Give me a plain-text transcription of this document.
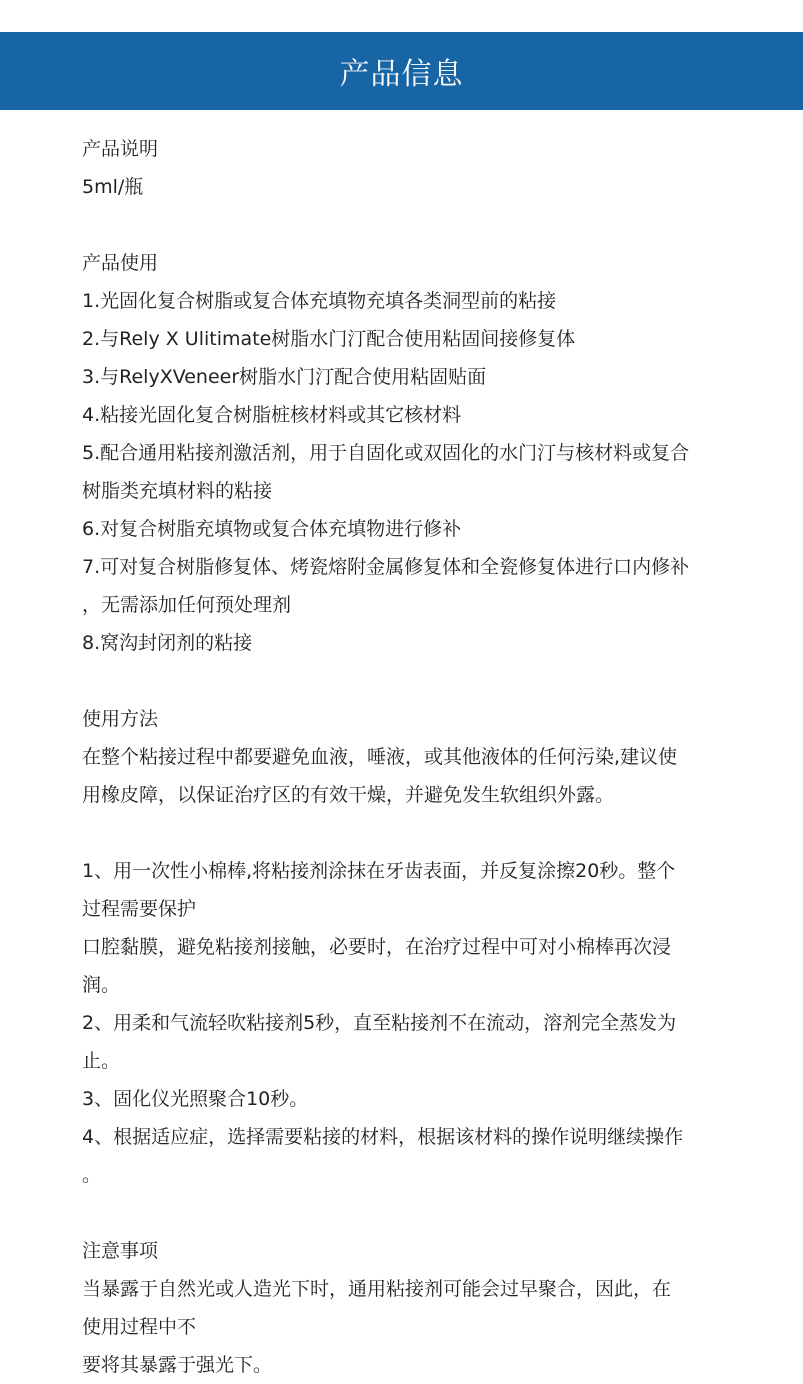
产品信息
产品说明
5ml/瓶
产品使用
1.光固化复合树脂或复合体充填物充填各类洞型前的粘接
2.与Rely X Ulitimate树脂水门汀配合使用粘固间接修复体
3.与RelyXVeneer树脂水门汀配合使用粘固贴面
4.粘接光固化复合树脂桩核材料或其它核材料
5.配合通用粘接剂激活剂，用于自固化或双固化的水门汀与核材料或复合
树脂类充填材料的粘接
6.对复合树脂充填物或复合体充填物进行修补
7.可对复合树脂修复体、烤瓷熔附金属修复体和全瓷修复体进行口内修补
，无需添加任何预处理剂
8.窝沟封闭剂的粘接
使用方法
在整个粘接过程中都要避免血液，唾液，或其他液体的任何污染,建议使
用橡皮障，以保证治疗区的有效干燥，并避免发生软组织外露。
1、用一次性小棉棒,将粘接剂涂抹在牙齿表面，并反复涂擦20秒。整个
过程需要保护
口腔黏膜，避免粘接剂接触，必要时，在治疗过程中可对小棉棒再次浸
润。
2、用柔和气流轻吹粘接剂5秒，直至粘接剂不在流动，溶剂完全蒸发为
止。
3、固化仪光照聚合10秒。
4、根据适应症，选择需要粘接的材料，根据该材料的操作说明继续操作
。
注意事项
当暴露于自然光或人造光下时，通用粘接剂可能会过早聚合，因此，在
使用过程中不
要将其暴露于强光下。
